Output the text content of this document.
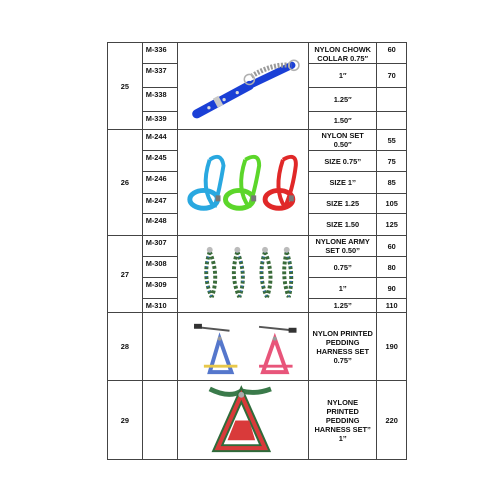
25	M-336		NYLON CHOWK COLLAR 0.75″	60
	M-337		1″	70
	M-338		1.25″	
	M-339		1.50″	
26	M-244		NYLON SET 0.50″	55
	M-245		SIZE 0.75’’	75
	M-246		SIZE 1’’	85
	M-247		SIZE 1.25	105
	M-248		SIZE 1.50	125
27	M-307		NYLONE ARMY SET 0.50’’	60
	M-308		0.75’’	80
	M-309		1’’	90
	M-310		1.25’’	110
28			NYLON PRINTED PEDDING HARNESS SET 0.75’’	190
29			NYLONE PRINTED PEDDING HARNESS SET’’ 1’’	220
